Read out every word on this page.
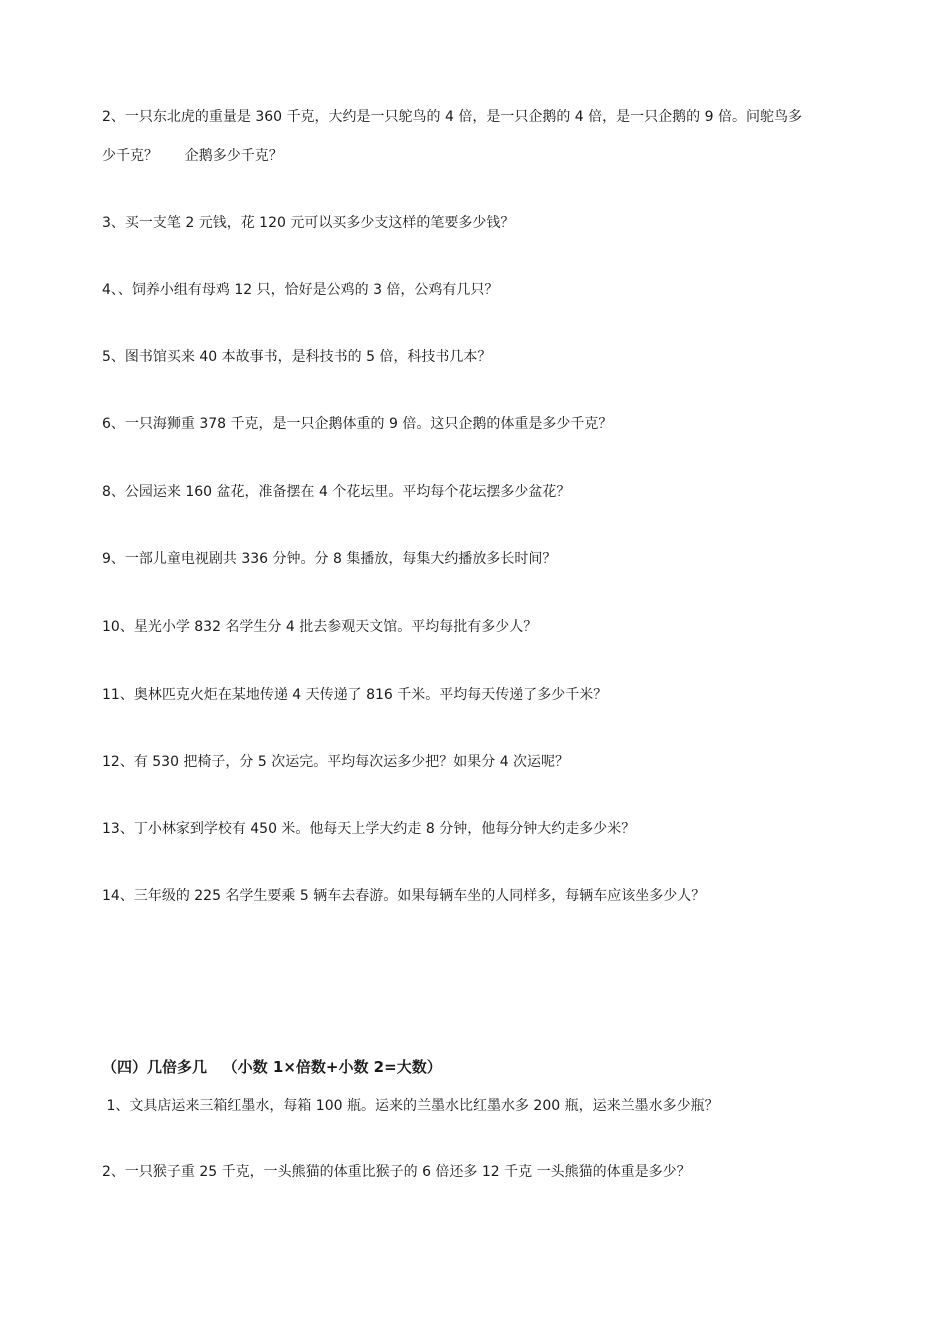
2、一只东北虎的重量是 360 千克，大约是一只鸵鸟的 4 倍，是一只企鹅的 4 倍，是一只企鹅的 9 倍。问鸵鸟多
少千克？      企鹅多少千克？
3、买一支笔 2 元钱，花 120 元可以买多少支这样的笔要多少钱？
4、、饲养小组有母鸡 12 只，恰好是公鸡的 3 倍，公鸡有几只？
5、图书馆买来 40 本故事书，是科技书的 5 倍，科技书几本？
6、一只海狮重 378 千克，是一只企鹅体重的 9 倍。这只企鹅的体重是多少千克？
8、公园运来 160 盆花，准备摆在 4 个花坛里。平均每个花坛摆多少盆花？
9、一部儿童电视剧共 336 分钟。分 8 集播放，每集大约播放多长时间？
10、星光小学 832 名学生分 4 批去参观天文馆。平均每批有多少人？
11、奥林匹克火炬在某地传递 4 天传递了 816 千米。平均每天传递了多少千米？
12、有 530 把椅子，分 5 次运完。平均每次运多少把？如果分 4 次运呢？
13、丁小林家到学校有 450 米。他每天上学大约走 8 分钟，他每分钟大约走多少米？
14、三年级的 225 名学生要乘 5 辆车去春游。如果每辆车坐的人同样多，每辆车应该坐多少人？
（四）几倍多几   （小数 1×倍数+小数 2=大数）
1、文具店运来三箱红墨水，每箱 100 瓶。运来的兰墨水比红墨水多 200 瓶，运来兰墨水多少瓶？
2、一只猴子重 25 千克，一头熊猫的体重比猴子的 6 倍还多 12 千克 一头熊猫的体重是多少？
